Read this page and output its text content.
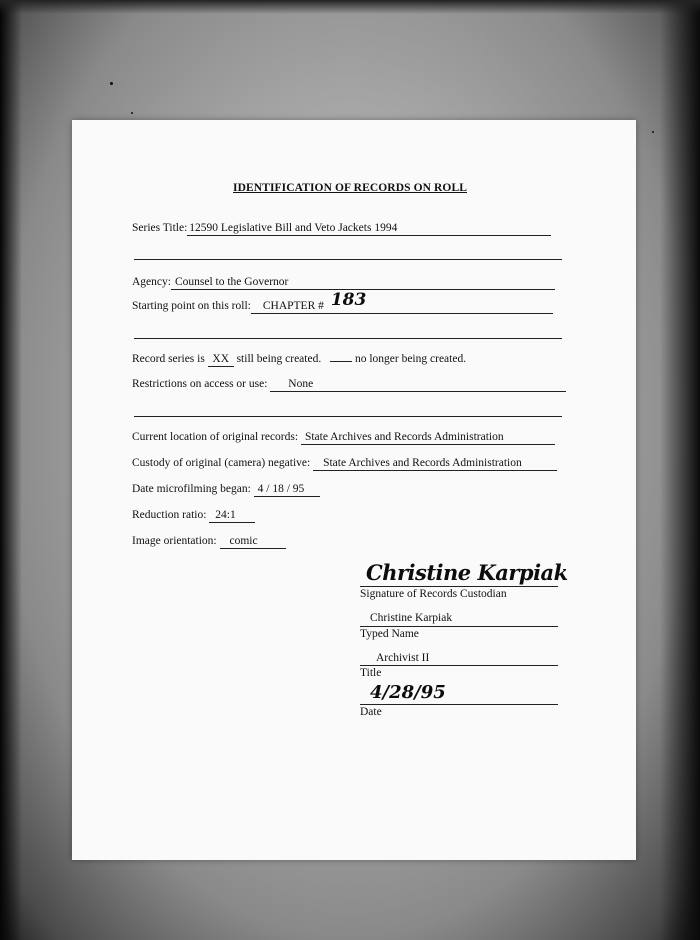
IDENTIFICATION OF RECORDS ON ROLL
Series Title: 12590 Legislative Bill and Veto Jackets 1994
Agency: Counsel to the Governor
Starting point on this roll: CHAPTER # 183
Record series is XX still being created.	no longer being created.
Restrictions on access or use: None
Current location of original records: State Archives and Records Administration
Custody of original (camera) negative: State Archives and Records Administration
Date microfilming began: 4 / 18 / 95
Reduction ratio: 24:1
Image orientation: comic
Christine Karpiak
Signature of Records Custodian
Christine Karpiak
Typed Name
Archivist II
Title
4/28/95
Date
